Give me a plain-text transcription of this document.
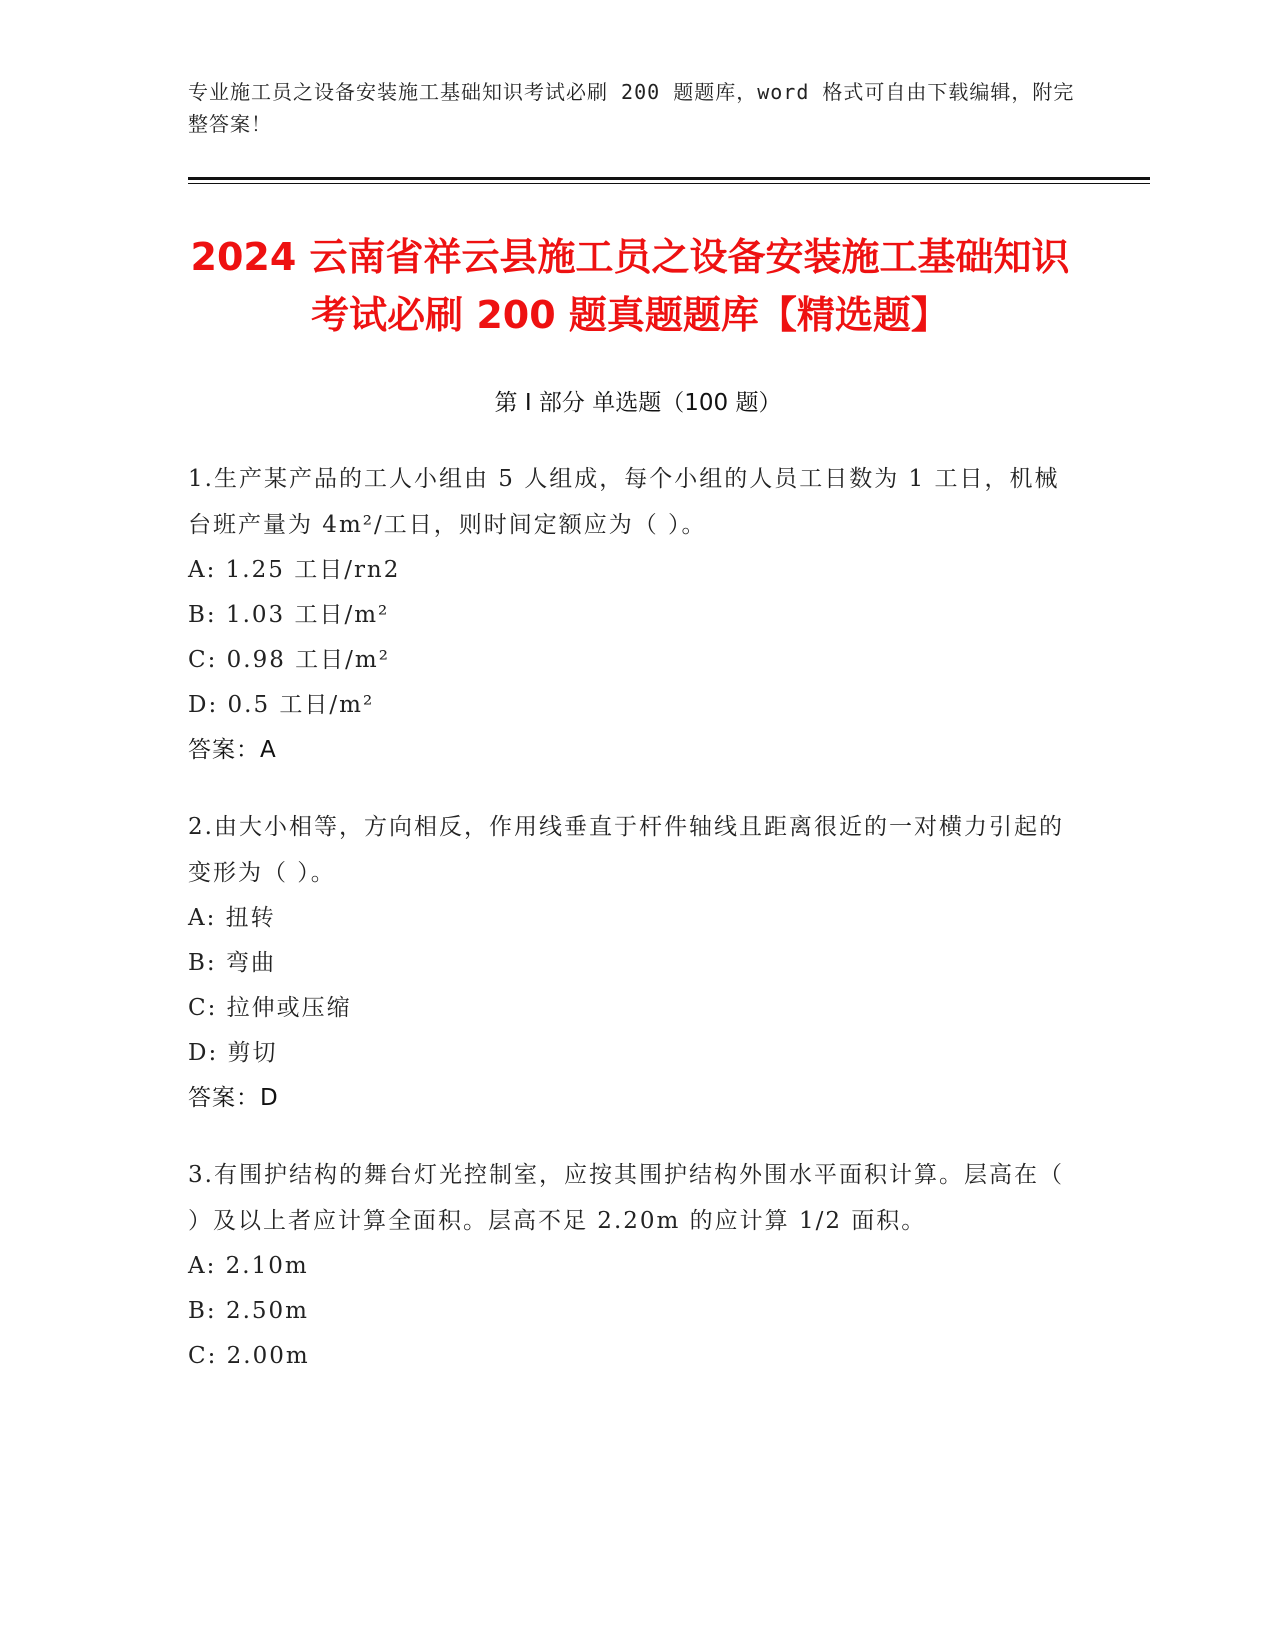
专业施工员之设备安装施工基础知识考试必刷 200 题题库，word 格式可自由下载编辑，附完整答案！
2024 云南省祥云县施工员之设备安装施工基础知识考试必刷 200 题真题题库【精选题】
第 I 部分 单选题（100 题）

1.生产某产品的工人小组由 5 人组成，每个小组的人员工日数为 1 工日，机械台班产量为 4m²/工日，则时间定额应为（ ）。

A: 1.25 工日/rn2

B: 1.03 工日/m²

C: 0.98 工日/m²

D: 0.5 工日/m²

答案：A

2.由大小相等，方向相反，作用线垂直于杆件轴线且距离很近的一对横力引起的变形为（ ）。

A: 扭转

B: 弯曲

C: 拉伸或压缩

D: 剪切

答案：D

3.有围护结构的舞台灯光控制室，应按其围护结构外围水平面积计算。层高在（ ）及以上者应计算全面积。层高不足 2.20m 的应计算 1/2 面积。

A: 2.10m

B: 2.50m

C: 2.00m
